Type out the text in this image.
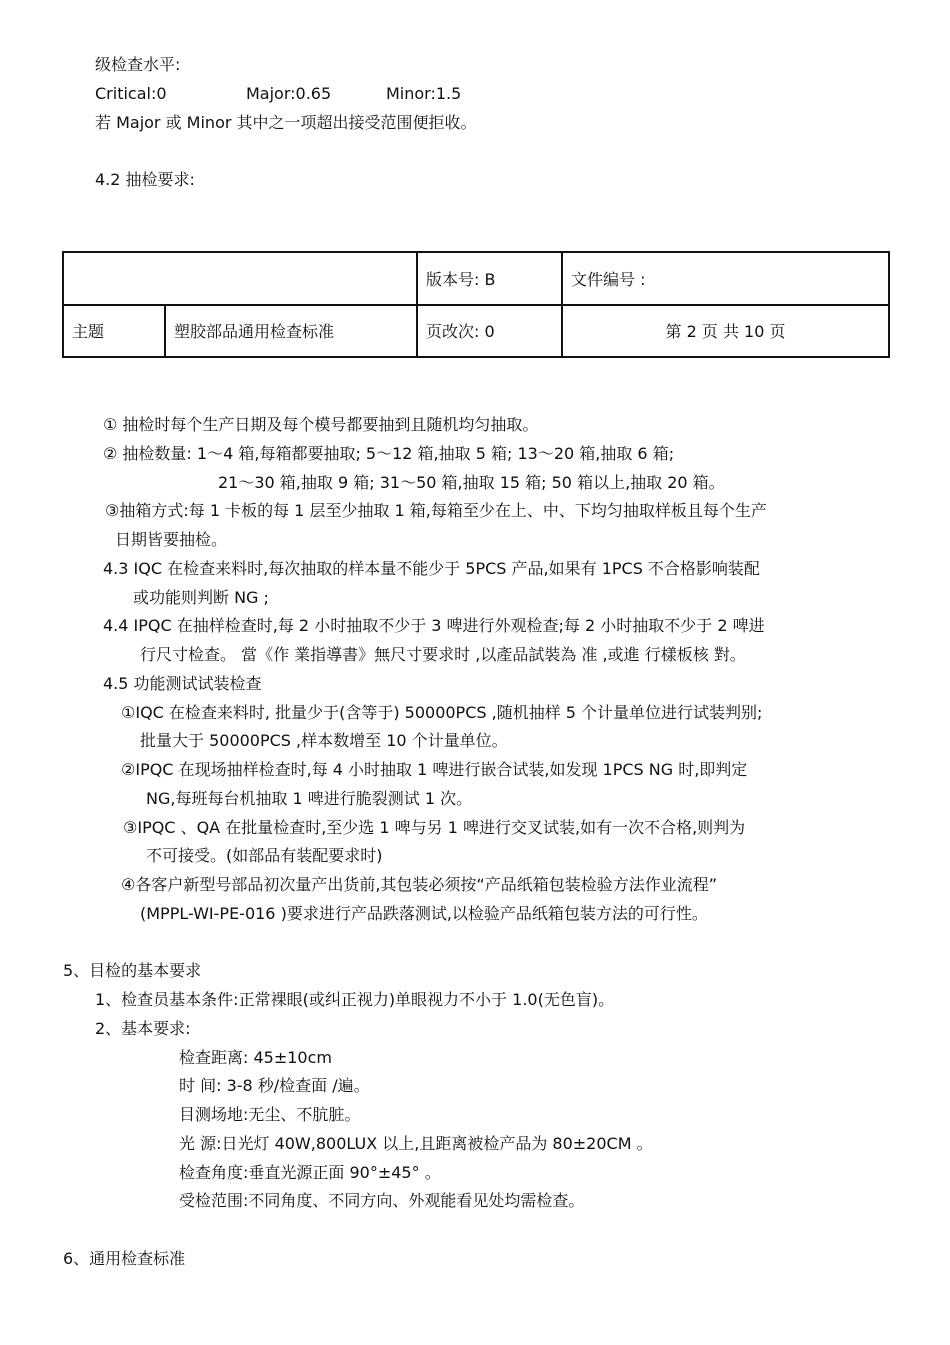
级检查水平:
Critical:0	Major:0.65	Minor:1.5
若 Major 或 Minor 其中之一项超出接受范围便拒收。
4.2 抽检要求:
		版本号: B	文件编号 :
主题	塑胶部品通用检查标准	页改次: 0	第 2 页 共 10 页
① 抽检时每个生产日期及每个模号都要抽到且随机均匀抽取。
② 抽检数量: 1～4 箱,每箱都要抽取; 5～12 箱,抽取 5 箱; 13～20 箱,抽取 6 箱;
21～30 箱,抽取 9 箱; 31～50 箱,抽取 15 箱; 50 箱以上,抽取 20 箱。
③抽箱方式:每 1 卡板的每 1 层至少抽取 1 箱,每箱至少在上、中、下均匀抽取样板且每个生产
日期皆要抽检。
4.3 IQC 在检查来料时,每次抽取的样本量不能少于 5PCS 产品,如果有 1PCS 不合格影响装配
或功能则判断 NG ;
4.4 IPQC 在抽样检查时,每 2 小时抽取不少于 3 啤进行外观检查;每 2 小时抽取不少于 2 啤进
行尺寸检查。 當《作 業指導書》無尺寸要求时 ,以產品試裝為 准 ,或進 行樣板核 對。
4.5 功能测试试装检查
①IQC 在检查来料时, 批量少于(含等于) 50000PCS ,随机抽样 5 个计量单位进行试装判别;
批量大于 50000PCS ,样本数增至 10 个计量单位。
②IPQC 在现场抽样检查时,每 4 小时抽取 1 啤进行嵌合试装,如发现 1PCS NG 时,即判定
NG,每班每台机抽取 1 啤进行脆裂测试 1 次。
③IPQC 、QA 在批量检查时,至少选 1 啤与另 1 啤进行交叉试装,如有一次不合格,则判为
不可接受。(如部品有装配要求时)
④各客户新型号部品初次量产出货前,其包装必须按“产品纸箱包装检验方法作业流程”
(MPPL-WI-PE-016 )要求进行产品跌落测试,以检验产品纸箱包装方法的可行性。
5、目检的基本要求
1、检查员基本条件:正常裸眼(或纠正视力)单眼视力不小于 1.0(无色盲)。
2、基本要求:
检查距离: 45±10cm
时 间: 3-8 秒/检查面 /遍。
目测场地:无尘、不肮脏。
光 源:日光灯 40W,800LUX 以上,且距离被检产品为 80±20CM 。
检查角度:垂直光源正面 90°±45° 。
受检范围:不同角度、不同方向、外观能看见处均需检查。
6、通用检查标准
